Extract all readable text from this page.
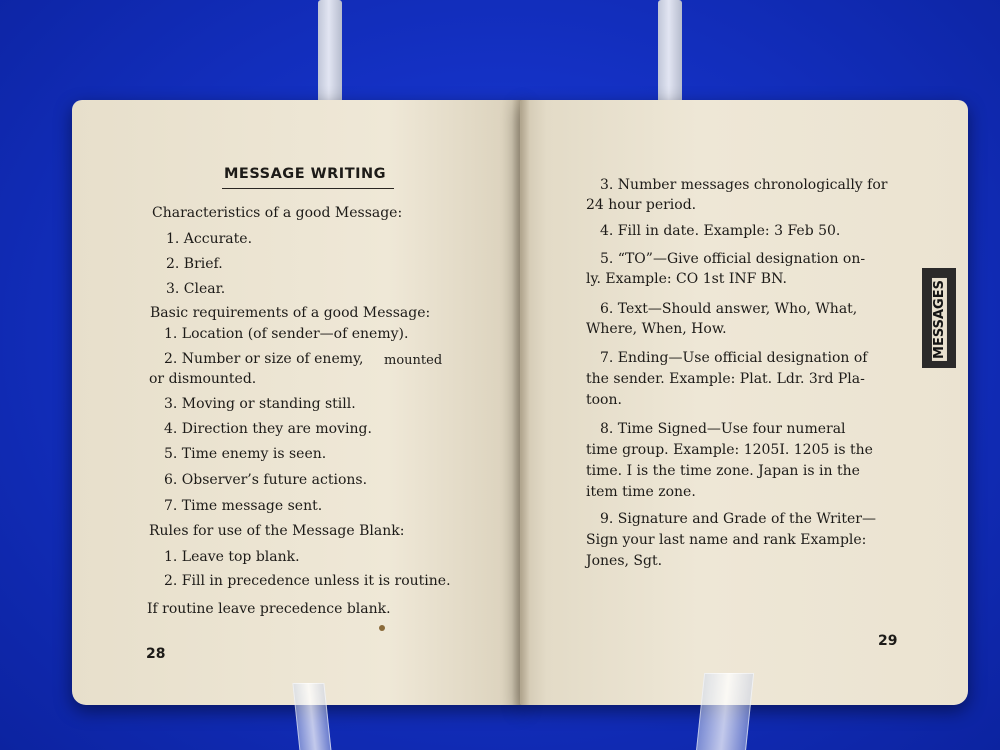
MESSAGE WRITING
Characteristics of a good Message:
1. Accurate.
2. Brief.
3. Clear.
Basic requirements of a good Message:
1. Location (of sender—of enemy).
2. Number or size of enemy, mounted
or dismounted.
3. Moving or standing still.
4. Direction they are moving.
5. Time enemy is seen.
6. Observer’s future actions.
7. Time message sent.
Rules for use of the Message Blank:
1. Leave top blank.
2. Fill in precedence unless it is routine.
If routine leave precedence blank.
28
3. Number messages chronologically for
24 hour period.
4. Fill in date. Example: 3 Feb 50.
5. “TO”—Give official designation on-
ly. Example: CO 1st INF BN.
6. Text—Should answer, Who, What,
Where, When, How.
7. Ending—Use official designation of
the sender. Example: Plat. Ldr. 3rd Pla-
toon.
8. Time Signed—Use four numeral
time group. Example: 1205I. 1205 is the
time. I is the time zone. Japan is in the
item time zone.
9. Signature and Grade of the Writer—
Sign your last name and rank Example:
Jones, Sgt.
29
MESSAGES
